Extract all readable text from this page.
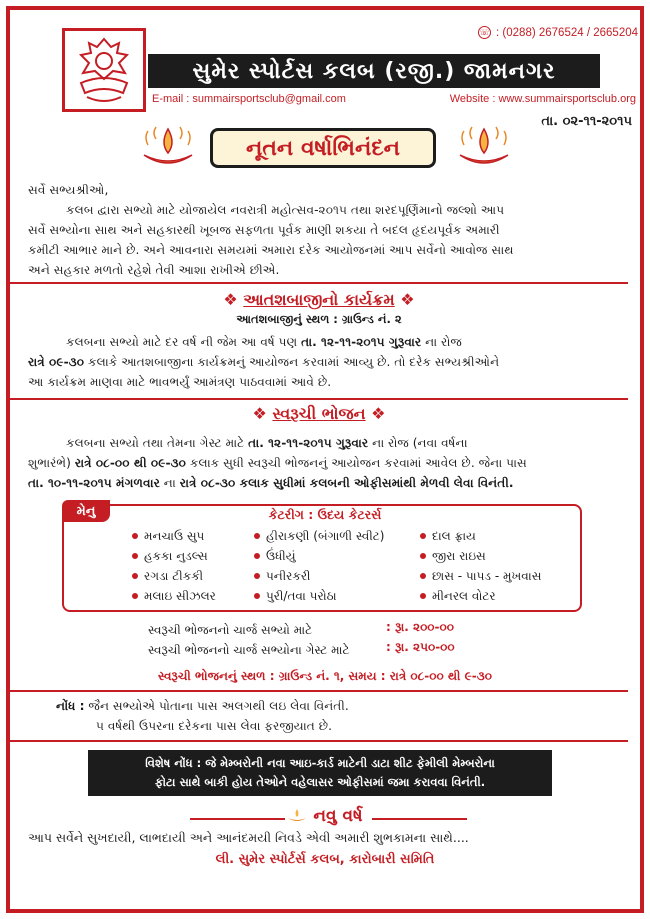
☏ : (0288) 2676524 / 2665204
સુમેર સ્પોર્ટસ કલબ (રજી.) જામનગર
E-mail : summairsportsclub@gmail.com	Website : www.summairsportsclub.org
તા. ૦૨-૧૧-૨૦૧૫
નૂતન વર્ષાભિનંદન
સર્વે સભ્યશ્રીઓ,
કલબ દ્વારા સભ્યો માટે યોજાયેલ નવરાત્રી મહોત્સવ-૨૦૧૫ તથા શરદપૂર્ણિમાનો જલ્શો આપ
સર્વે સભ્યોના સાથ અને સહકારથી ખૂબજ સફળતા પૂર્વક માણી શકયા તે બદલ હૃદયપૂર્વક અમારી
કમીટી આભાર માને છે. અને આવનારા સમયમાં અમારા દરેક આયોજનમાં આપ સર્વેનો આવોજ સાથ
અને સહકાર મળતો રહેશે તેવી આશા રાખીએ છીએ.
❖ આતશબાજીનો કાર્યક્રમ ❖
આતશબાજીનું સ્થળ : ગ્રાઉન્ડ નં. ૨
કલબના સભ્યો માટે દર વર્ષ ની જેમ આ વર્ષ પણ તા. ૧૨-૧૧-૨૦૧૫ ગુરૂવાર ના રોજ
રાત્રે ૦૯-૩૦ કલાકે આતશબાજીના કાર્યક્રમનું આયોજન કરવામાં આવ્યુ છે. તો દરેક સભ્યશ્રીઓને
આ કાર્યક્રમ માણવા માટે ભાવભર્યું આમંત્રણ પાઠવવામાં આવે છે.
❖ સ્વરૂચી ભોજન ❖
કલબના સભ્યો તથા તેમના ગેસ્ટ માટે તા. ૧૨-૧૧-૨૦૧૫ ગુરૂવાર ના રોજ (નવા વર્ષના
શુભારંભે) રાત્રે ૦૮-૦૦ થી ૦૯-૩૦ કલાક સુધી સ્વરૂચી ભોજનનું આયોજન કરવામાં આવેલ છે. જેના પાસ
તા. ૧૦-૧૧-૨૦૧૫ મંગળવાર ના રાત્રે ૦૮-૩૦ કલાક સુધીમાં કલબની ઓફીસમાંથી મેળવી લેવા વિનંતી.
મેનુ	કેટરીગ : ઉદય કેટરર્સ
મનચાઉ સુપ
હકકા નુડલ્સ
રગડા ટીકકી
મલાઇ સીઝલર
હીરાકણી (બંગાળી સ્વીટ)
ઉંધીયું
પનીરકરી
પુરી/તવા પરોઠા
દાલ ફ્રાય
જીરા રાઇસ
છાસ - પાપડ - મુખવાસ
મીનરલ વોટર
સ્વરૂચી ભોજનનો ચાર્જ સભ્યો માટે	: રૂા. ૨૦૦-૦૦
સ્વરૂચી ભોજનનો ચાર્જ સભ્યોના ગેસ્ટ માટે	: રૂા. ૨૫૦-૦૦
સ્વરૂચી ભોજનનું સ્થળ : ગ્રાઉન્ડ નં. ૧, સમય : રાત્રે ૦૮-૦૦ થી ૯-૩૦
નોંધ : જૈન સભ્યોએ પોતાના પાસ અલગથી લઇ લેવા વિનંતી.
૫ વર્ષથી ઉપરના દરેકના પાસ લેવા ફરજીયાત છે.
વિશેષ નોંધ : જે મેમ્બરોની નવા આઇ-કાર્ડ માટેની ડાટા શીટ ફેમીલી મેમ્બરોના
ફોટા સાથે બાકી હોય તેઓને વહેલાસર ઓફીસમાં જમા કરાવવા વિનંતી.
નવુ વર્ષ
આપ સર્વેને સુખદાયી, લાભદાયી અને આનંદમયી નિવડે એવી અમારી શુભકામના સાથે....
લી. સુમેર સ્પોર્ટર્સ કલબ, કારોબારી સમિતિ
